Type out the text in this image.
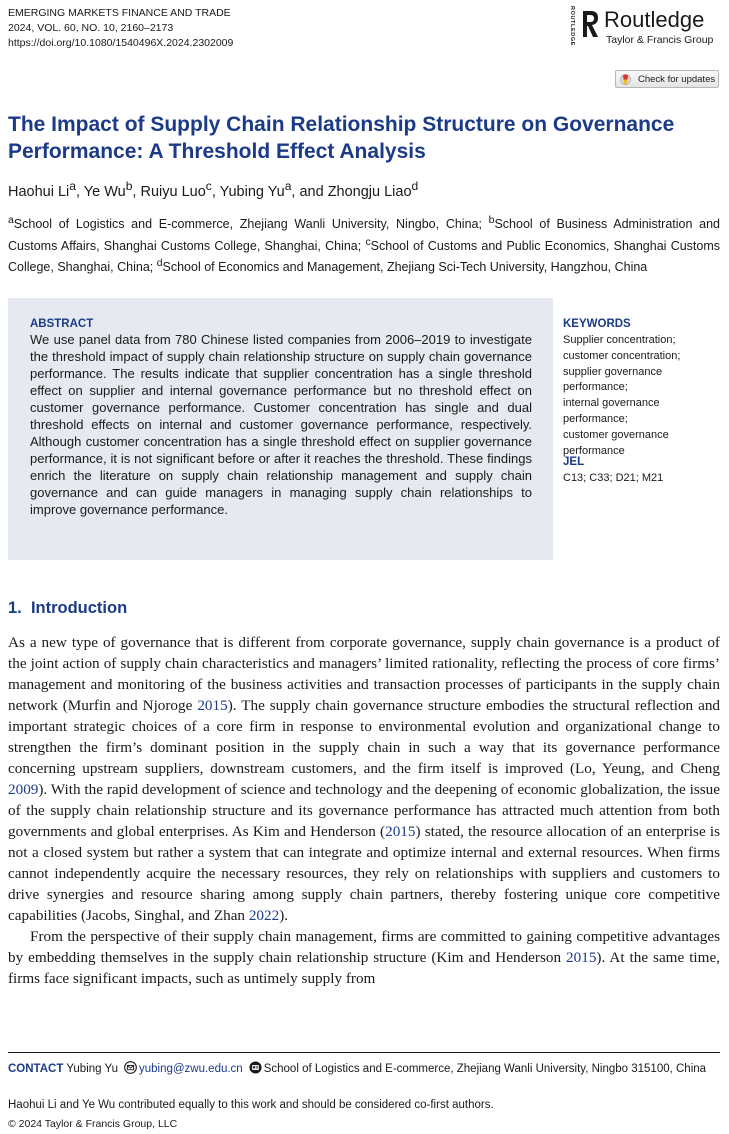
EMERGING MARKETS FINANCE AND TRADE
2024, VOL. 60, NO. 10, 2160–2173
https://doi.org/10.1080/1540496X.2024.2302009	ROUTLEDGE Routledge
Taylor & Francis Group
Check for updates
The Impact of Supply Chain Relationship Structure on Governance Performance: A Threshold Effect Analysis
Haohui Li$^a$, Ye Wu$^b$, Ruiyu Luo$^c$, Yubing Yu$^a$, and Zhongju Liao$^d$
$^a$School of Logistics and E-commerce, Zhejiang Wanli University, Ningbo, China; $^b$School of Business Administration and Customs Affairs, Shanghai Customs College, Shanghai, China; $^c$School of Customs and Public Economics, Shanghai Customs College, Shanghai, China; $^d$School of Economics and Management, Zhejiang Sci-Tech University, Hangzhou, China
ABSTRACT
We use panel data from 780 Chinese listed companies from 2006–2019 to investigate the threshold impact of supply chain relationship structure on supply chain governance performance. The results indicate that supplier concentration has a single threshold effect on supplier and internal governance performance but no threshold effect on customer governance performance. Customer concentration has single and dual threshold effects on internal and customer governance performance, respectively. Although customer concentration has a single threshold effect on supplier governance performance, it is not significant before or after it reaches the threshold. These findings enrich the literature on supply chain relationship management and supply chain governance and can guide managers in managing supply chain relationships to improve governance performance.
KEYWORDS
Supplier concentration;
customer concentration;
supplier governance performance;
internal governance performance;
customer governance performance
JEL
C13; C33; D21; M21
1. Introduction

As a new type of governance that is different from corporate governance, supply chain governance is a product of the joint action of supply chain characteristics and managers’ limited rationality, reflecting the process of core firms’ management and monitoring of the business activities and transaction processes of participants in the supply chain network (Murfin and Njoroge 2015). The supply chain governance structure embodies the structural reflection and important strategic choices of a core firm in response to environmental evolution and organizational change to strengthen the firm’s dominant position in the supply chain in such a way that its governance performance concerning upstream suppliers, downstream customers, and the firm itself is improved (Lo, Yeung, and Cheng 2009). With the rapid development of science and technology and the deepening of economic globalization, the issue of the supply chain relationship structure and its governance performance has attracted much attention from both governments and global enterprises. As Kim and Henderson (2015) stated, the resource allocation of an enterprise is not a closed system but rather a system that can integrate and optimize internal and external resources. When firms cannot independently acquire the necessary resources, they rely on relationships with suppliers and customers to drive synergies and resource sharing among supply chain partners, thereby fostering unique core competitive capabilities (Jacobs, Singhal, and Zhan 2022).

From the perspective of their supply chain management, firms are committed to gaining competitive advantages by embedding themselves in the supply chain relationship structure (Kim and Henderson 2015). At the same time, firms face significant impacts, such as untimely supply from

CONTACT Yubing Yu yubing@zwu.edu.cn School of Logistics and E-commerce, Zhejiang Wanli University, Ningbo 315100, China
Haohui Li and Ye Wu contributed equally to this work and should be considered co-first authors.
© 2024 Taylor & Francis Group, LLC
